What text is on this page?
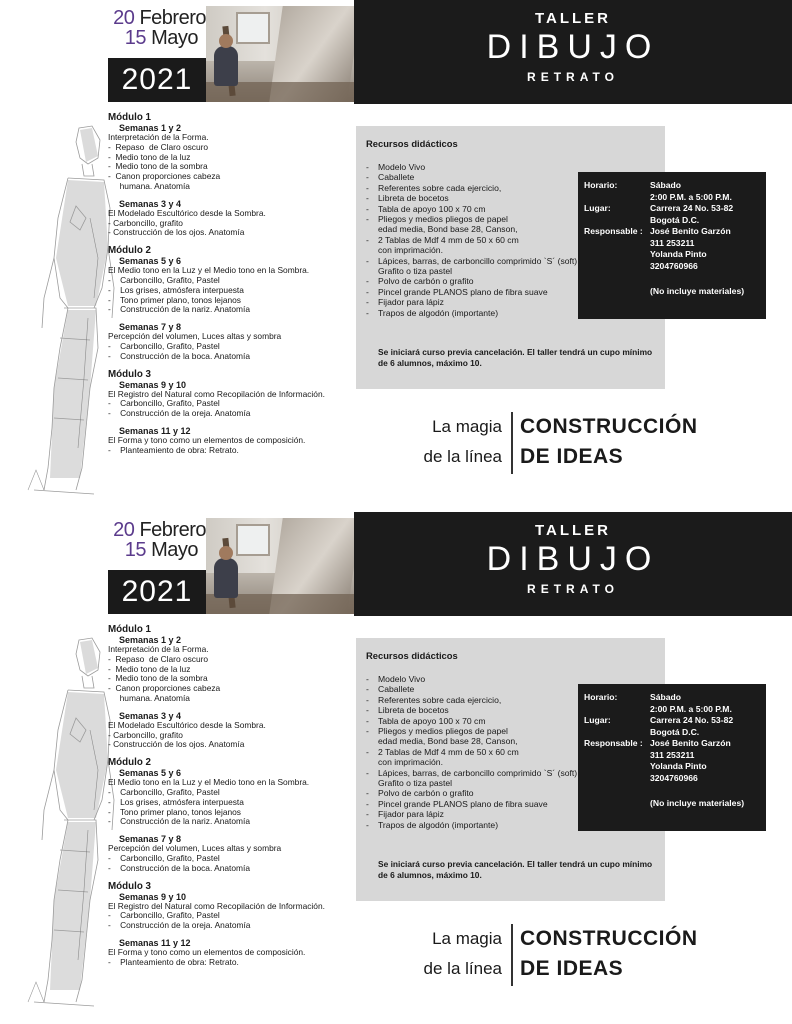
20 Febrero
15 Mayo
2021
TALLER
DIBUJO
RETRATO
Módulo 1
Semanas 1 y 2
Interpretación de la Forma.
-  Repaso  de Claro oscuro
-  Medio tono de la luz
-  Medio tono de la sombra
-  Canon proporciones cabeza
humana. Anatomía
Semanas 3 y 4
El Modelado Escultórico desde la Sombra.
- Carboncillo, grafito
- Construcción de los ojos. Anatomía
Módulo 2
Semanas 5 y 6
El Medio tono en la Luz y el Medio tono en la Sombra.
-    Carboncillo, Grafito, Pastel
-    Los grises, atmósfera interpuesta
-    Tono primer plano, tonos lejanos
-    Construcción de la nariz. Anatomía
Semanas 7 y 8
Percepción del volumen, Luces altas y sombra
-    Carboncillo, Grafito, Pastel
-    Construcción de la boca. Anatomía
Módulo 3
Semanas 9 y 10
El Registro del Natural como Recopilación de Información.
-    Carboncillo, Grafito, Pastel
-    Construcción de la oreja. Anatomía
Semanas 11 y 12
El Forma y tono como un elementos de composición.
-    Planteamiento de obra: Retrato.
Recursos didácticos
- Modelo Vivo
- Caballete
- Referentes sobre cada ejercicio,
- Libreta de bocetos
- Tabla de apoyo 100 x 70 cm
- Pliegos y medios pliegos de papel
edad media, Bond base 28, Canson,
- 2 Tablas de Mdf 4 mm de 50 x 60 cm
con imprimación.
- Lápices, barras, de carboncillo comprimido `S´ (soft)
Grafito o tiza pastel
- Polvo de carbón o grafito
- Pincel grande PLANOS plano de fibra suave
- Fijador para lápiz
- Trapos de algodón (importante)
Se iniciará curso previa cancelación. El taller tendrá un cupo mínimo de 6 alumnos, máximo 10.
Horario:	Sábado
2:00 P.M. a 5:00 P.M.
Lugar:	Carrera 24 No. 53-82
Bogotá D.C.
Responsable : José Benito Garzón
311 253211
Yolanda Pinto
3204760966
(No incluye materiales)
La magia
de la línea
CONSTRUCCIÓN
DE IDEAS
20 Febrero
15 Mayo
2021
TALLER
DIBUJO
RETRATO
Módulo 1
Semanas 1 y 2
Interpretación de la Forma.
-  Repaso  de Claro oscuro
-  Medio tono de la luz
-  Medio tono de la sombra
-  Canon proporciones cabeza
humana. Anatomía
Semanas 3 y 4
El Modelado Escultórico desde la Sombra.
- Carboncillo, grafito
- Construcción de los ojos. Anatomía
Módulo 2
Semanas 5 y 6
El Medio tono en la Luz y el Medio tono en la Sombra.
-    Carboncillo, Grafito, Pastel
-    Los grises, atmósfera interpuesta
-    Tono primer plano, tonos lejanos
-    Construcción de la nariz. Anatomía
Semanas 7 y 8
Percepción del volumen, Luces altas y sombra
-    Carboncillo, Grafito, Pastel
-    Construcción de la boca. Anatomía
Módulo 3
Semanas 9 y 10
El Registro del Natural como Recopilación de Información.
-    Carboncillo, Grafito, Pastel
-    Construcción de la oreja. Anatomía
Semanas 11 y 12
El Forma y tono como un elementos de composición.
-    Planteamiento de obra: Retrato.
Recursos didácticos
- Modelo Vivo
- Caballete
- Referentes sobre cada ejercicio,
- Libreta de bocetos
- Tabla de apoyo 100 x 70 cm
- Pliegos y medios pliegos de papel
edad media, Bond base 28, Canson,
- 2 Tablas de Mdf 4 mm de 50 x 60 cm
con imprimación.
- Lápices, barras, de carboncillo comprimido `S´ (soft)
Grafito o tiza pastel
- Polvo de carbón o grafito
- Pincel grande PLANOS plano de fibra suave
- Fijador para lápiz
- Trapos de algodón (importante)
Se iniciará curso previa cancelación. El taller tendrá un cupo mínimo de 6 alumnos, máximo 10.
Horario:	Sábado
2:00 P.M. a 5:00 P.M.
Lugar:	Carrera 24 No. 53-82
Bogotá D.C.
Responsable : José Benito Garzón
311 253211
Yolanda Pinto
3204760966
(No incluye materiales)
La magia
de la línea
CONSTRUCCIÓN
DE IDEAS
